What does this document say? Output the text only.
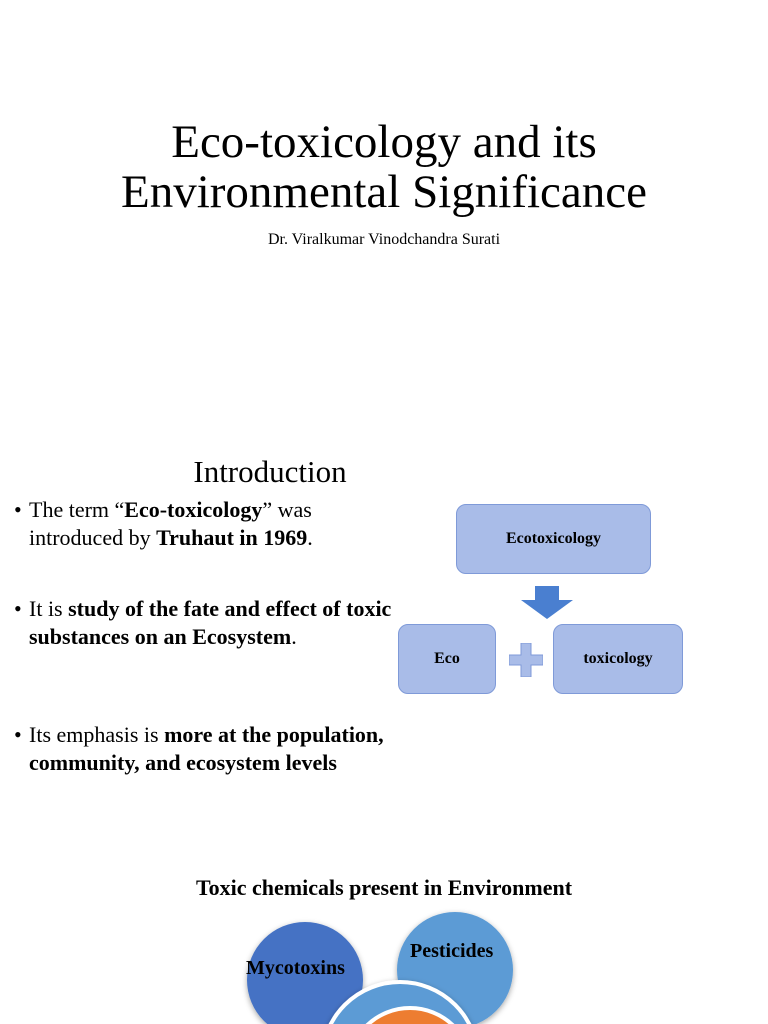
Eco-toxicology and its
Environmental Significance
Dr. Viralkumar Vinodchandra Surati
Introduction
• The term “Eco-toxicology” was introduced by Truhaut in 1969.
• It is study of the fate and effect of toxic substances on an Ecosystem.
• Its emphasis is more at the population, community, and ecosystem levels
Ecotoxicology
Eco	toxicology
Toxic chemicals present in Environment
Mycotoxins
Pesticides
